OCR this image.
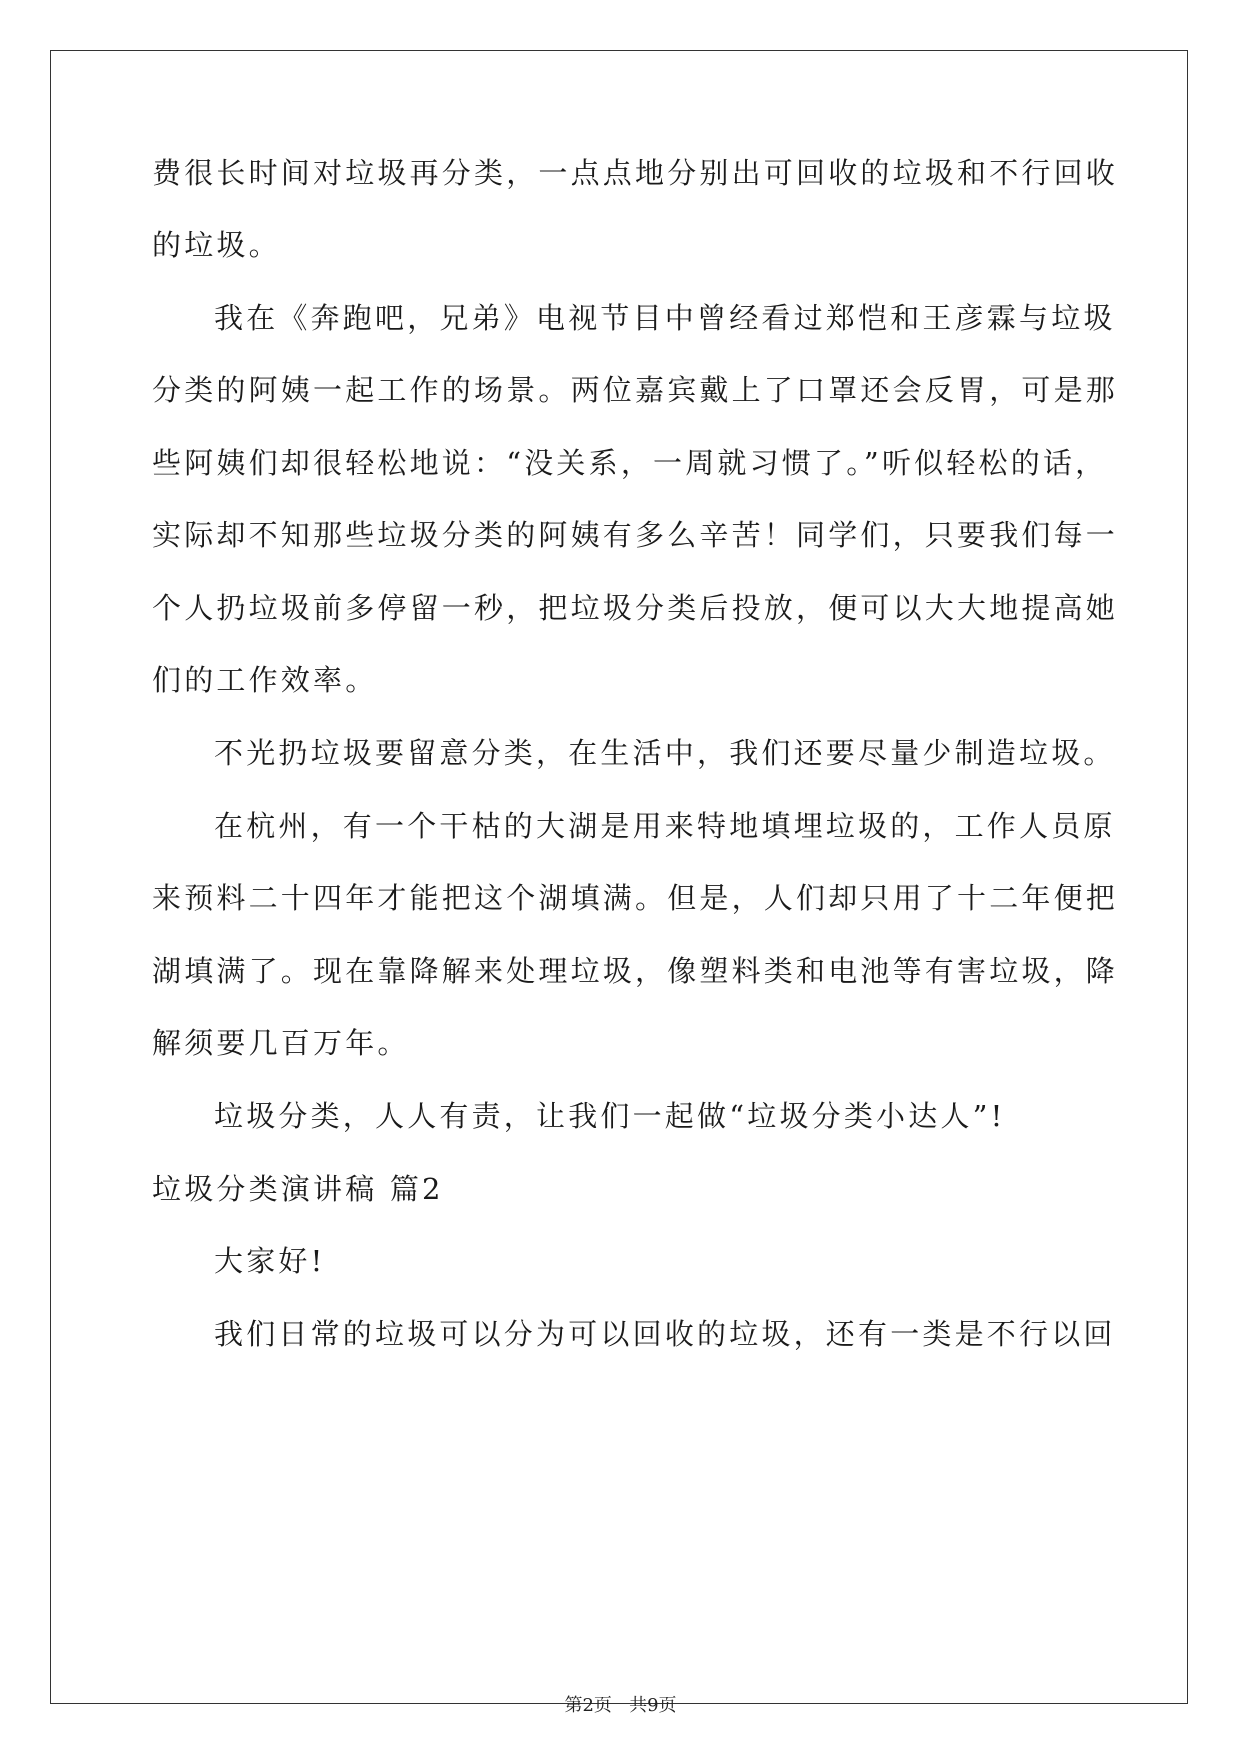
费很长时间对垃圾再分类，一点点地分别出可回收的垃圾和不行回收
的垃圾。
我在《奔跑吧，兄弟》电视节目中曾经看过郑恺和王彦霖与垃圾
分类的阿姨一起工作的场景。两位嘉宾戴上了口罩还会反胃，可是那
些阿姨们却很轻松地说：“没关系，一周就习惯了。”听似轻松的话，
实际却不知那些垃圾分类的阿姨有多么辛苦！同学们，只要我们每一
个人扔垃圾前多停留一秒，把垃圾分类后投放，便可以大大地提高她
们的工作效率。
不光扔垃圾要留意分类，在生活中，我们还要尽量少制造垃圾。
在杭州，有一个干枯的大湖是用来特地填埋垃圾的，工作人员原
来预料二十四年才能把这个湖填满。但是，人们却只用了十二年便把
湖填满了。现在靠降解来处理垃圾，像塑料类和电池等有害垃圾，降
解须要几百万年。
垃圾分类，人人有责，让我们一起做“垃圾分类小达人”!
垃圾分类演讲稿 篇2
大家好!
我们日常的垃圾可以分为可以回收的垃圾，还有一类是不行以回
第2页 共9页
